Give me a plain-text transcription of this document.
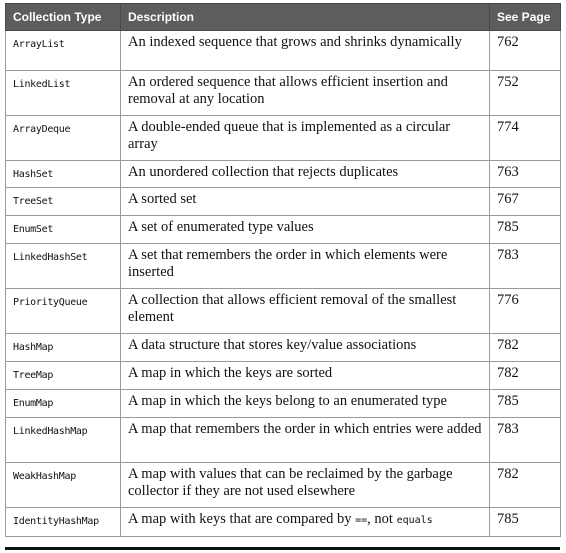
Collection Type	Description	See Page
ArrayList	An indexed sequence that grows and shrinks dynamically	762
LinkedList	An ordered sequence that allows efficient insertion and removal at any location	752
ArrayDeque	A double-ended queue that is implemented as a circular array	774
HashSet	An unordered collection that rejects duplicates	763
TreeSet	A sorted set	767
EnumSet	A set of enumerated type values	785
LinkedHashSet	A set that remembers the order in which elements were inserted	783
PriorityQueue	A collection that allows efficient removal of the smallest element	776
HashMap	A data structure that stores key/value associations	782
TreeMap	A map in which the keys are sorted	782
EnumMap	A map in which the keys belong to an enumerated type	785
LinkedHashMap	A map that remembers the order in which entries were added	783
WeakHashMap	A map with values that can be reclaimed by the garbage collector if they are not used elsewhere	782
IdentityHashMap	A map with keys that are compared by ==, not equals	785
